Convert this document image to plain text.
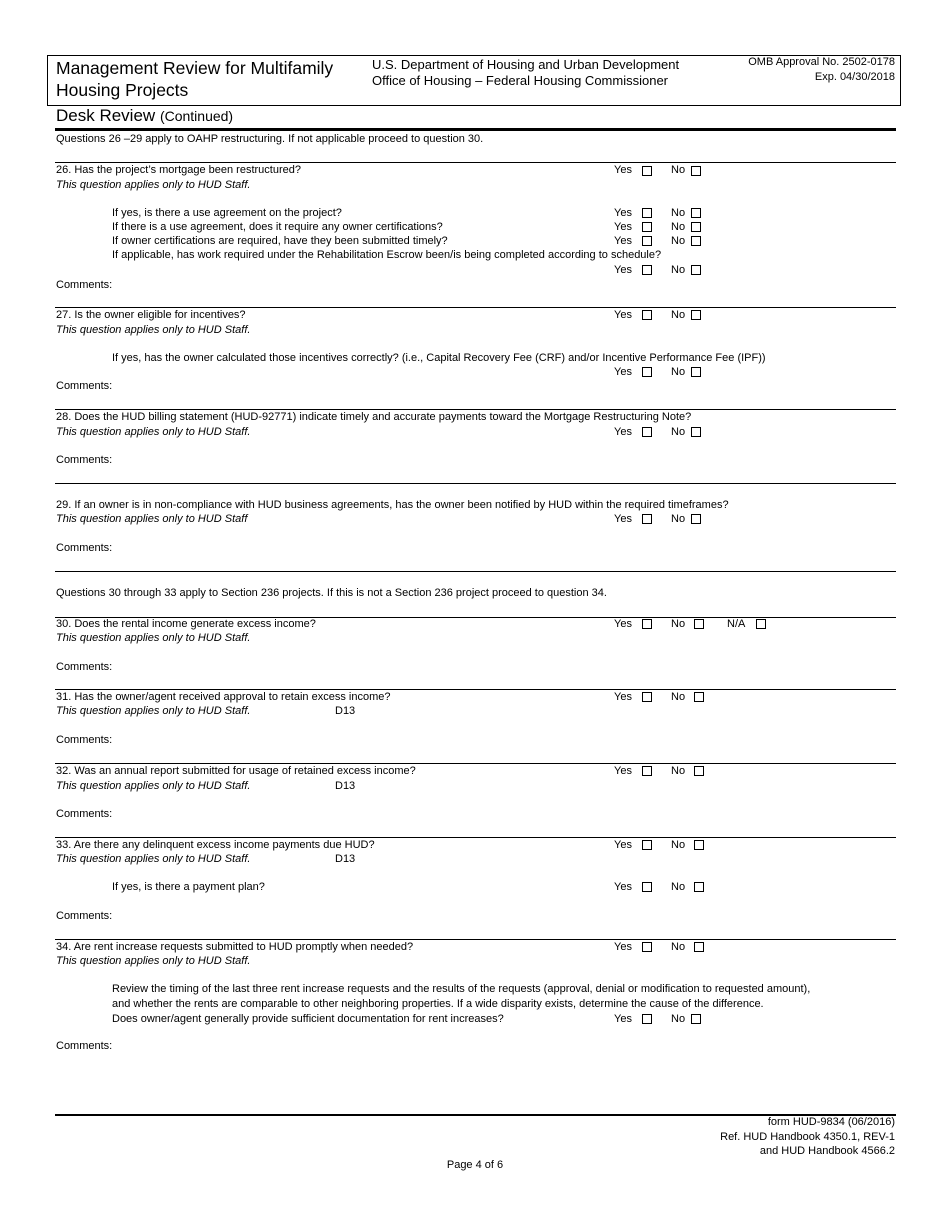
Management Review for Multifamily
Housing Projects
U.S. Department of Housing and Urban Development
Office of Housing – Federal Housing Commissioner
OMB Approval No. 2502-0178
Exp. 04/30/2018
Desk Review (Continued)
Questions 26 –29 apply to OAHP restructuring. If not applicable proceed to question 30.
26. Has the project’s mortgage been restructured?
This question applies only to HUD Staff.
Yes	No
If yes, is there a use agreement on the project?	Yes	No
If there is a use agreement, does it require any owner certifications?	Yes	No
If owner certifications are required, have they been submitted timely?	Yes	No
If applicable, has work required under the Rehabilitation Escrow been/is being completed according to schedule?
Yes	No
Comments:
27. Is the owner eligible for incentives?
This question applies only to HUD Staff.
Yes	No
If yes, has the owner calculated those incentives correctly? (i.e., Capital Recovery Fee (CRF) and/or Incentive Performance Fee (IPF))
Yes	No
Comments:
28. Does the HUD billing statement (HUD-92771) indicate timely and accurate payments toward the Mortgage Restructuring Note?
This question applies only to HUD Staff.	Yes	No
Comments:
29. If an owner is in non-compliance with HUD business agreements, has the owner been notified by HUD within the required timeframes?
This question applies only to HUD Staff	Yes	No
Comments:
Questions 30 through 33 apply to Section 236 projects. If this is not a Section 236 project proceed to question 34.
30. Does the rental income generate excess income?
This question applies only to HUD Staff.
Yes	No	N/A
Comments:
31. Has the owner/agent received approval to retain excess income?
This question applies only to HUD Staff.	D13
Yes	No
Comments:
32. Was an annual report submitted for usage of retained excess income?
This question applies only to HUD Staff.	D13
Yes	No
Comments:
33. Are there any delinquent excess income payments due HUD?
This question applies only to HUD Staff.	D13
Yes	No
If yes, is there a payment plan?	Yes	No
Comments:
34. Are rent increase requests submitted to HUD promptly when needed?
This question applies only to HUD Staff.
Yes	No
Review the timing of the last three rent increase requests and the results of the requests (approval, denial or modification to requested amount),
and whether the rents are comparable to other neighboring properties. If a wide disparity exists, determine the cause of the difference.
Does owner/agent generally provide sufficient documentation for rent increases?	Yes	No
Comments:
form HUD-9834 (06/2016)
Ref. HUD Handbook 4350.1, REV-1
and HUD Handbook 4566.2
Page 4 of 6
